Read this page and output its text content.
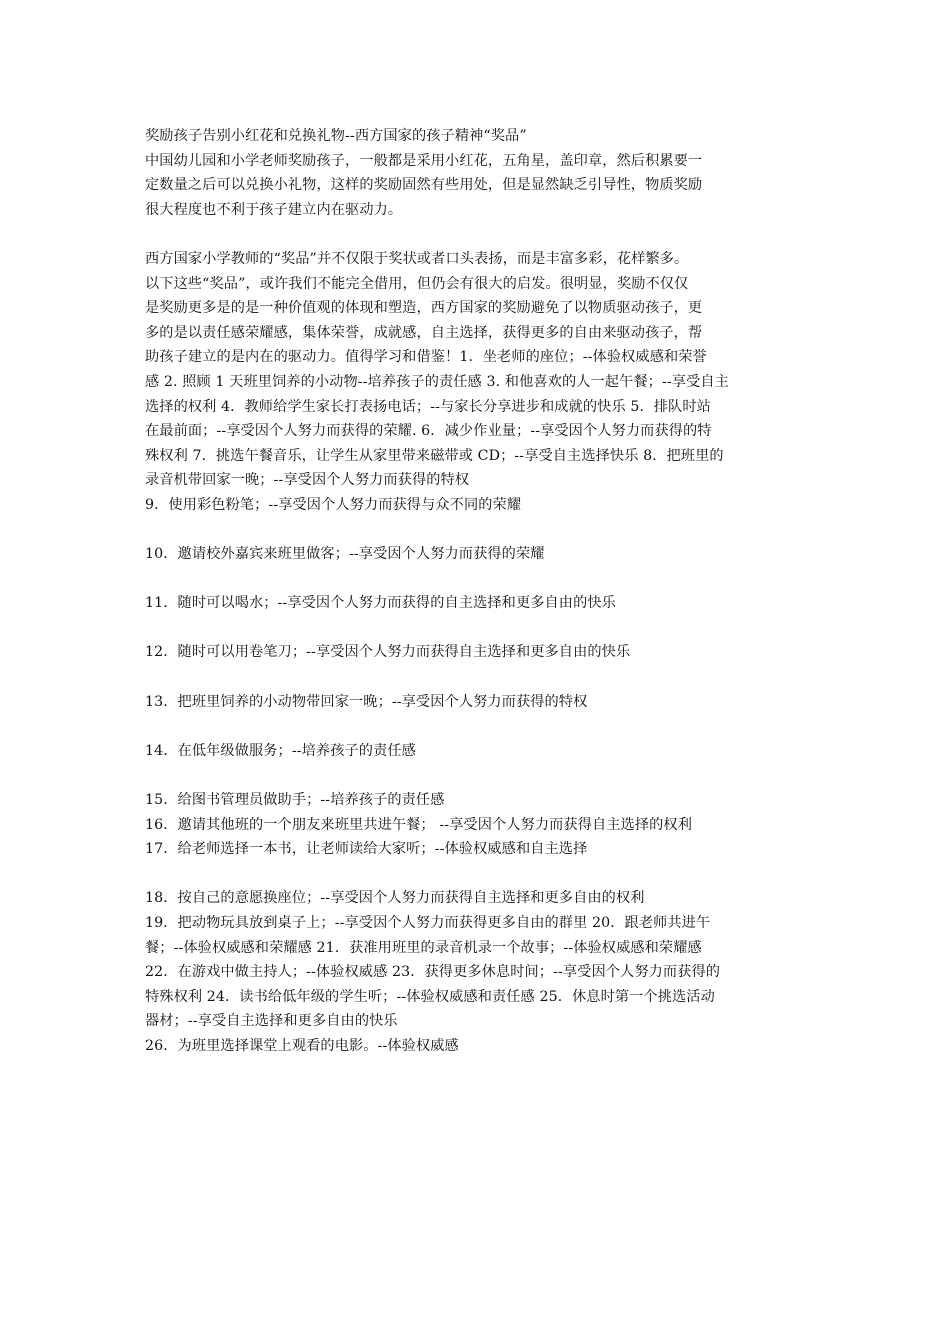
奖励孩子告别小红花和兑换礼物--西方国家的孩子精神“奖品”
中国幼儿园和小学老师奖励孩子，一般都是采用小红花，五角星，盖印章，然后积累要一
定数量之后可以兑换小礼物，这样的奖励固然有些用处，但是显然缺乏引导性，物质奖励
很大程度也不利于孩子建立内在驱动力。
西方国家小学教师的“奖品”并不仅限于奖状或者口头表扬，而是丰富多彩，花样繁多。
以下这些“奖品”，或许我们不能完全借用，但仍会有很大的启发。很明显，奖励不仅仅
是奖励更多是的是一种价值观的体现和塑造，西方国家的奖励避免了以物质驱动孩子，更
多的是以责任感荣耀感，集体荣誉，成就感，自主选择，获得更多的自由来驱动孩子，帮
助孩子建立的是内在的驱动力。值得学习和借鉴！1．坐老师的座位；--体验权威感和荣誉
感 2. 照顾 1 天班里饲养的小动物--培养孩子的责任感 3. 和他喜欢的人一起午餐；--享受自主
选择的权利 4．教师给学生家长打表扬电话；--与家长分享进步和成就的快乐 5．排队时站
在最前面；--享受因个人努力而获得的荣耀. 6．减少作业量；--享受因个人努力而获得的特
殊权利 7．挑选午餐音乐，让学生从家里带来磁带或 CD；--享受自主选择快乐 8．把班里的
录音机带回家一晚；--享受因个人努力而获得的特权
9．使用彩色粉笔；--享受因个人努力而获得与众不同的荣耀
10．邀请校外嘉宾来班里做客；--享受因个人努力而获得的荣耀
11．随时可以喝水；--享受因个人努力而获得的自主选择和更多自由的快乐
12．随时可以用卷笔刀；--享受因个人努力而获得自主选择和更多自由的快乐
13．把班里饲养的小动物带回家一晚；--享受因个人努力而获得的特权
14．在低年级做服务；--培养孩子的责任感
15．给图书管理员做助手；--培养孩子的责任感
16．邀请其他班的一个朋友来班里共进午餐； --享受因个人努力而获得自主选择的权利
17．给老师选择一本书，让老师读给大家听；--体验权威感和自主选择
18．按自己的意愿换座位；--享受因个人努力而获得自主选择和更多自由的权利
19．把动物玩具放到桌子上；--享受因个人努力而获得更多自由的群里 20．跟老师共进午
餐；--体验权威感和荣耀感 21．获准用班里的录音机录一个故事；--体验权威感和荣耀感
22．在游戏中做主持人；--体验权威感 23．获得更多休息时间；--享受因个人努力而获得的
特殊权利 24．读书给低年级的学生听；--体验权威感和责任感 25．休息时第一个挑选活动
器材；--享受自主选择和更多自由的快乐
26．为班里选择课堂上观看的电影。--体验权威感
